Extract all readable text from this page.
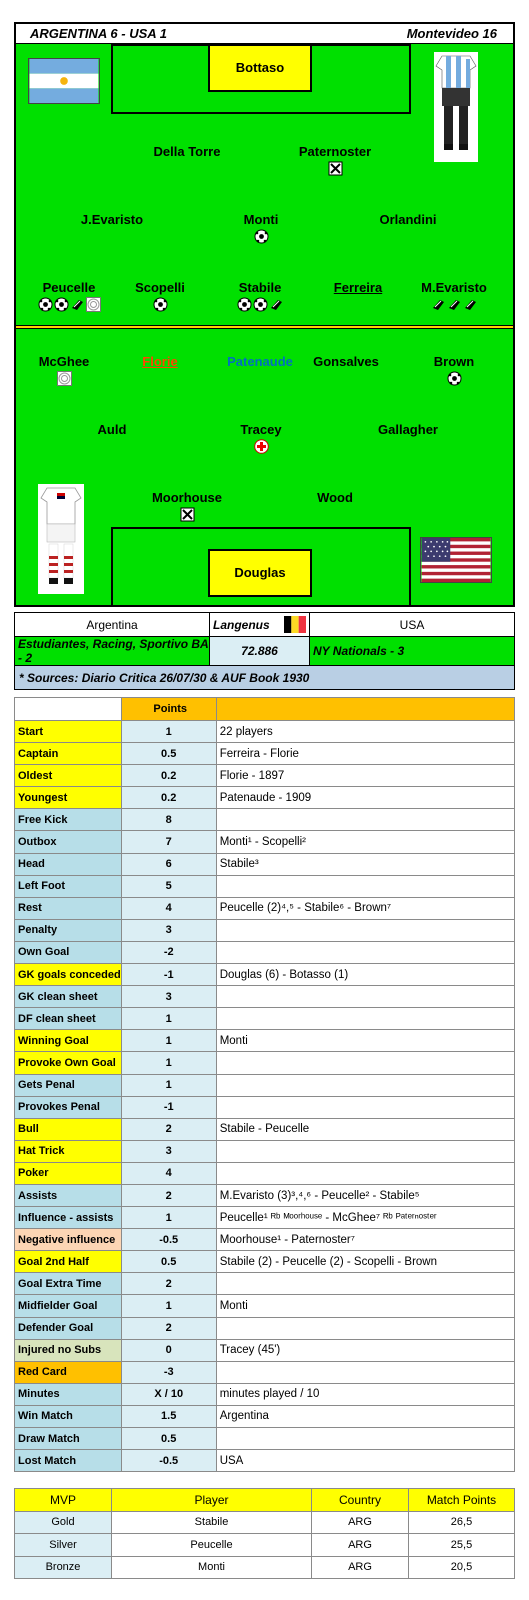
ARGENTINA 6 - USA 1	Montevideo 16
Bottaso
Della Torre	Paternoster
J.Evaristo	Monti	Orlandini
Peucelle	Scopelli	Stabile	Ferreira	M.Evaristo
McGhee	Florie	Patenaude	Gonsalves	Brown
Auld	Tracey	Gallagher
Moorhouse	Wood
Douglas
Argentina	Langenus	USA
Estudiantes, Racing, Sportivo BA - 2	72.886	NY Nationals - 3
* Sources: Diario Critica 26/07/30 & AUF Book 1930		
	Points	
Start	1	22 players
Captain	0.5	Ferreira - Florie
Oldest	0.2	Florie - 1897
Youngest	0.2	Patenaude - 1909
Free Kick	8	
Outbox	7	Monti¹ - Scopelli²
Head	6	Stabile³
Left Foot	5	
Rest	4	Peucelle (2)⁴,⁵ - Stabile⁶ - Brown⁷
Penalty	3	
Own Goal	-2	
GK goals conceded	-1	Douglas (6) - Botasso (1)
GK clean sheet	3	
DF clean sheet	1	
Winning Goal	1	Monti
Provoke Own Goal	1	
Gets Penal	1	
Provokes Penal	-1	
Bull	2	Stabile - Peucelle
Hat Trick	3	
Poker	4	
Assists	2	M.Evaristo (3)³,⁴,⁶ - Peucelle² - Stabile⁵
Influence - assists	1	Peucelle¹ ᴿᵇ ᴹᵒᵒʳʰᵒᵘˢᵉ - McGhee⁷ ᴿᵇ ᴾᵃᵗᵉʳⁿᵒˢᵗᵉʳ
Negative influence	-0.5	Moorhouse¹ - Paternoster⁷
Goal 2nd Half	0.5	Stabile (2) - Peucelle (2) - Scopelli - Brown
Goal Extra Time	2	
Midfielder Goal	1	Monti
Defender Goal	2	
Injured no Subs	0	Tracey (45')
Red Card	-3	
Minutes	X / 10	minutes played / 10
Win Match	1.5	Argentina
Draw Match	0.5	
Lost Match	-0.5	USA
MVP	Player	Country	Match Points
Gold	Stabile	ARG	26,5
Silver	Peucelle	ARG	25,5
Bronze	Monti	ARG	20,5
